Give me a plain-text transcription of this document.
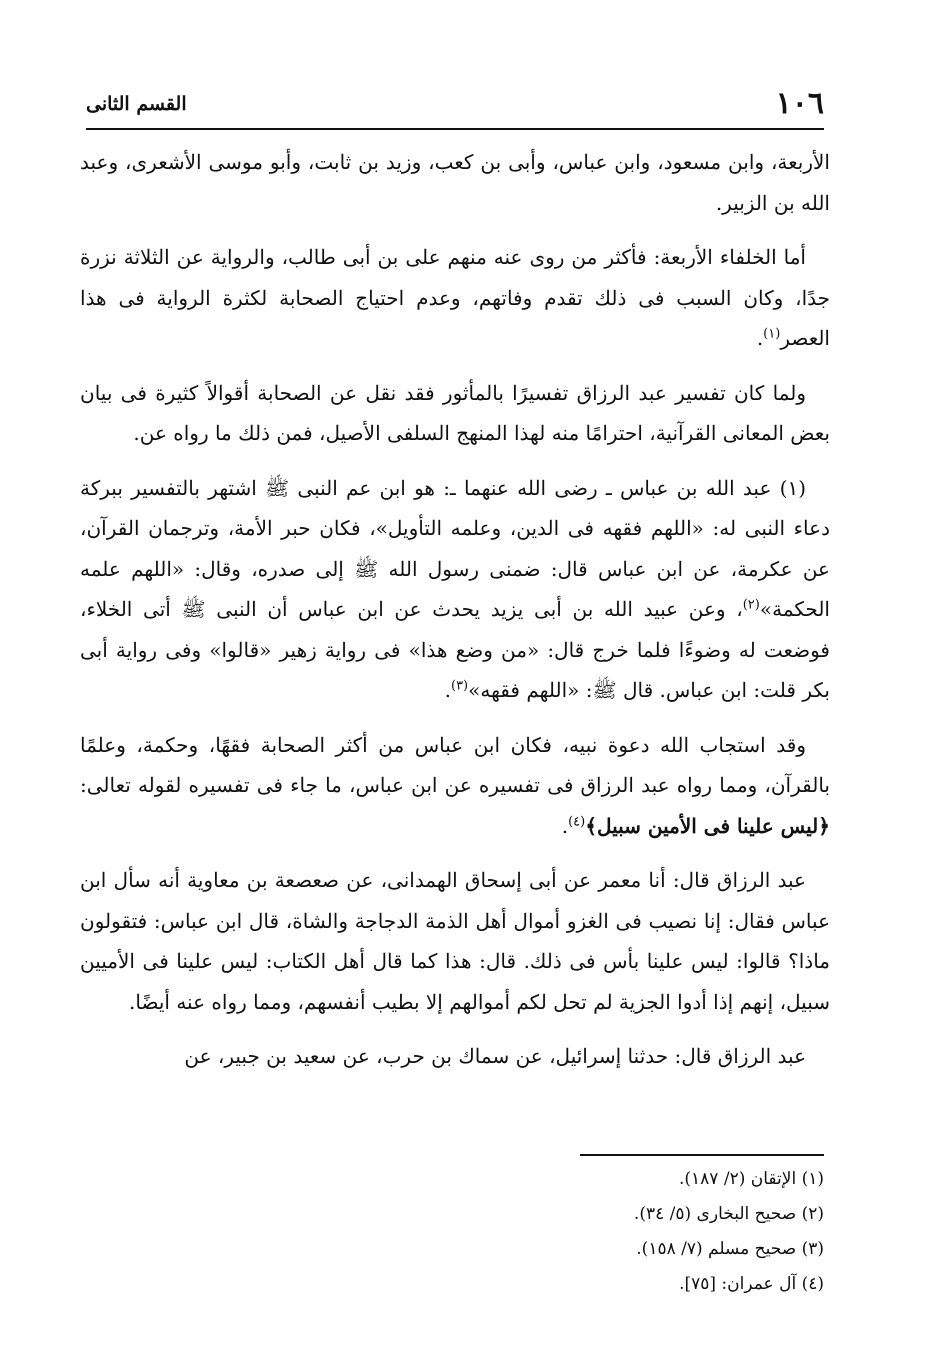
١٠٦
القسم الثانى

الأربعة، وابن مسعود، وابن عباس، وأبى بن كعب، وزيد بن ثابت، وأبو موسى الأشعرى، وعبد الله بن الزبير.

أما الخلفاء الأربعة: فأكثر من روى عنه منهم على بن أبى طالب، والرواية عن الثلاثة نزرة جدًا، وكان السبب فى ذلك تقدم وفاتهم، وعدم احتياج الصحابة لكثرة الرواية فى هذا العصر$^{(١)}$.

ولما كان تفسير عبد الرزاق تفسيرًا بالمأثور فقد نقل عن الصحابة أقوالاً كثيرة فى بيان بعض المعانى القرآنية، احترامًا منه لهذا المنهج السلفى الأصيل، فمن ذلك ما رواه عن.

(١) عبد الله بن عباس ـ رضى الله عنهما ـ: هو ابن عم النبى ﷺ اشتهر بالتفسير ببركة دعاء النبى له: «اللهم فقهه فى الدين، وعلمه التأويل»، فكان حبر الأمة، وترجمان القرآن، عن عكرمة، عن ابن عباس قال: ضمنى رسول الله ﷺ إلى صدره، وقال: «اللهم علمه الحكمة»$^{(٢)}$، وعن عبيد الله بن أبى يزيد يحدث عن ابن عباس أن النبى ﷺ أتى الخلاء، فوضعت له وضوءًا فلما خرج قال: «من وضع هذا» فى رواية زهير «قالوا» وفى رواية أبى بكر قلت: ابن عباس. قال ﷺ: «اللهم فقهه»$^{(٣)}$.

وقد استجاب الله دعوة نبيه، فكان ابن عباس من أكثر الصحابة فقهًا، وحكمة، وعلمًا بالقرآن، ومما رواه عبد الرزاق فى تفسيره عن ابن عباس، ما جاء فى تفسيره لقوله تعالى: ﴿ليس علينا فى الأمين سبيل﴾$^{(٤)}$.

عبد الرزاق قال: أنا معمر عن أبى إسحاق الهمدانى، عن صعصعة بن معاوية أنه سأل ابن عباس فقال: إنا نصيب فى الغزو أموال أهل الذمة الدجاجة والشاة، قال ابن عباس: فتقولون ماذا؟ قالوا: ليس علينا بأس فى ذلك. قال: هذا كما قال أهل الكتاب: ليس علينا فى الأميين سبيل، إنهم إذا أدوا الجزية لم تحل لكم أموالهم إلا بطيب أنفسهم، ومما رواه عنه أيضًا.

عبد الرزاق قال: حدثنا إسرائيل، عن سماك بن حرب، عن سعيد بن جبير، عن

(١) الإتقان (٢/ ١٨٧).
(٢) صحيح البخارى (٥/ ٣٤).
(٣) صحيح مسلم (٧/ ١٥٨).
(٤) آل عمران: [٧٥].
